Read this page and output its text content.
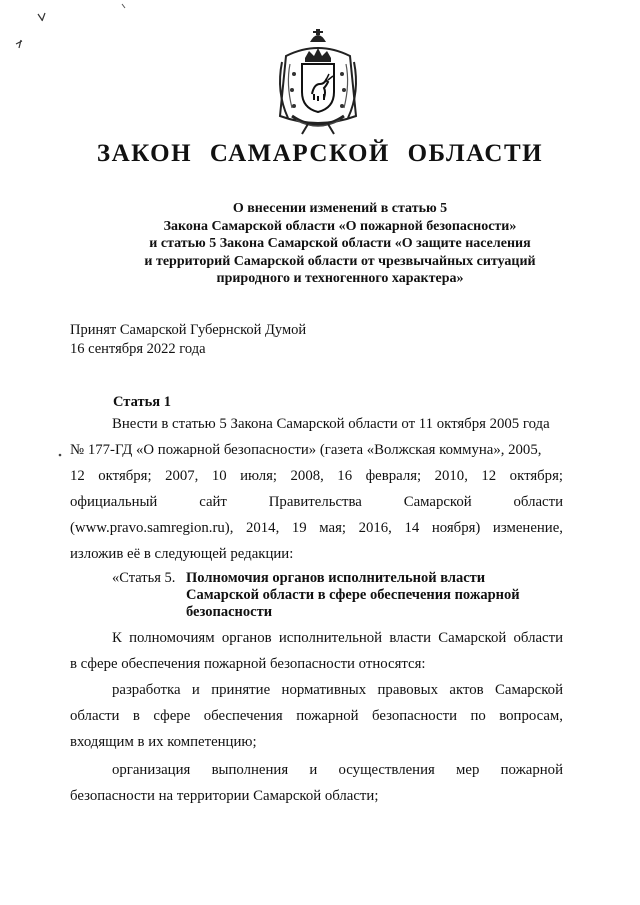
ЗАКОН САМАРСКОЙ ОБЛАСТИ
О внесении изменений в статью 5
Закона Самарской области «О пожарной безопасности»
и статью 5 Закона Самарской области «О защите населения
и территорий Самарской области от чрезвычайных ситуаций
природного и техногенного характера»
Принят Самарской Губернской Думой
16 сентября 2022 года
Статья 1
Внести в статью 5 Закона Самарской области от 11 октября 2005 года
№ 177-ГД «О пожарной безопасности» (газета «Волжская коммуна», 2005,
12 октября; 2007, 10 июля; 2008, 16 февраля; 2010, 12 октября;
официальный сайт Правительства Самарской области
(www.pravo.samregion.ru), 2014, 19 мая; 2016, 14 ноября) изменение,
изложив её в следующей редакции:
«Статья 5. Полномочия органов исполнительной власти
Самарской области в сфере обеспечения пожарной
безопасности
К полномочиям органов исполнительной власти Самарской области
в сфере обеспечения пожарной безопасности относятся:
разработка и принятие нормативных правовых актов Самарской
области в сфере обеспечения пожарной безопасности по вопросам,
входящим в их компетенцию;
организация выполнения и осуществления мер пожарной
безопасности на территории Самарской области;
